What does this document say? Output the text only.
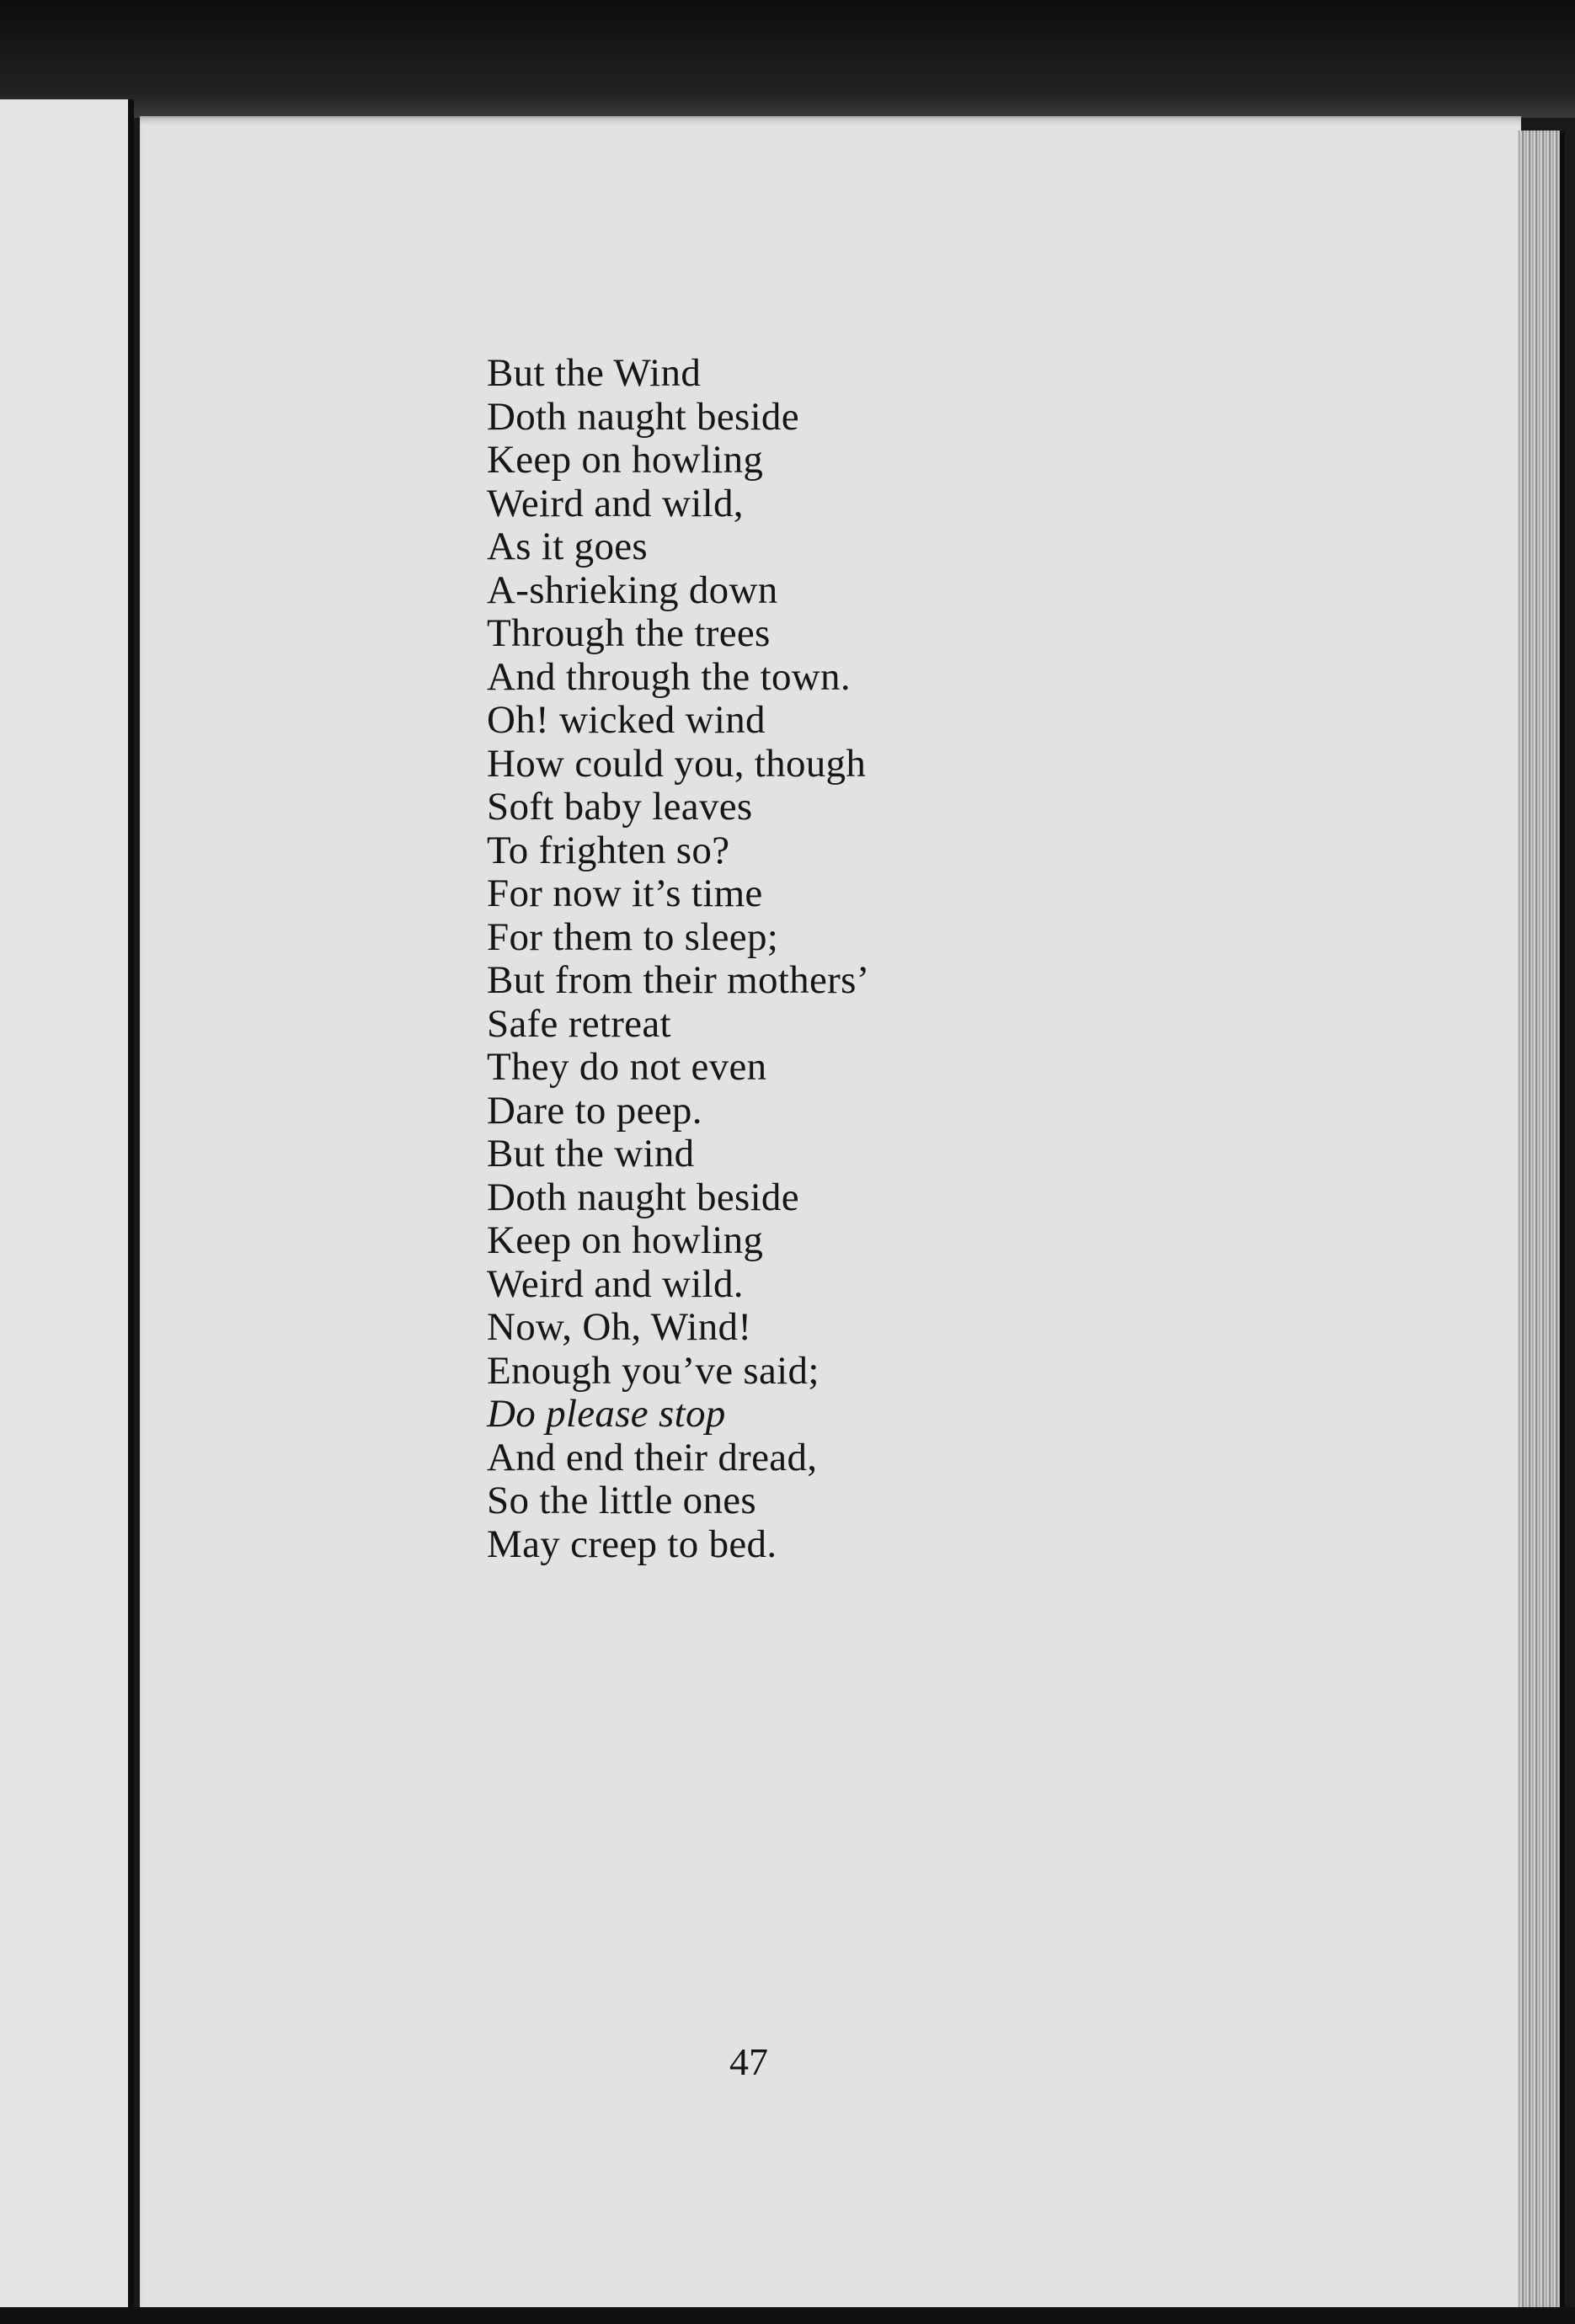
But the Wind
Doth naught beside
Keep on howling
Weird and wild,
As it goes
A-shrieking down
Through the trees
And through the town.
Oh! wicked wind
How could you, though
Soft baby leaves
To frighten so?
For now it’s time
For them to sleep;
But from their mothers’
Safe retreat
They do not even
Dare to peep.
But the wind
Doth naught beside
Keep on howling
Weird and wild.
Now, Oh, Wind!
Enough you’ve said;
Do please stop
And end their dread,
So the little ones
May creep to bed.
47
